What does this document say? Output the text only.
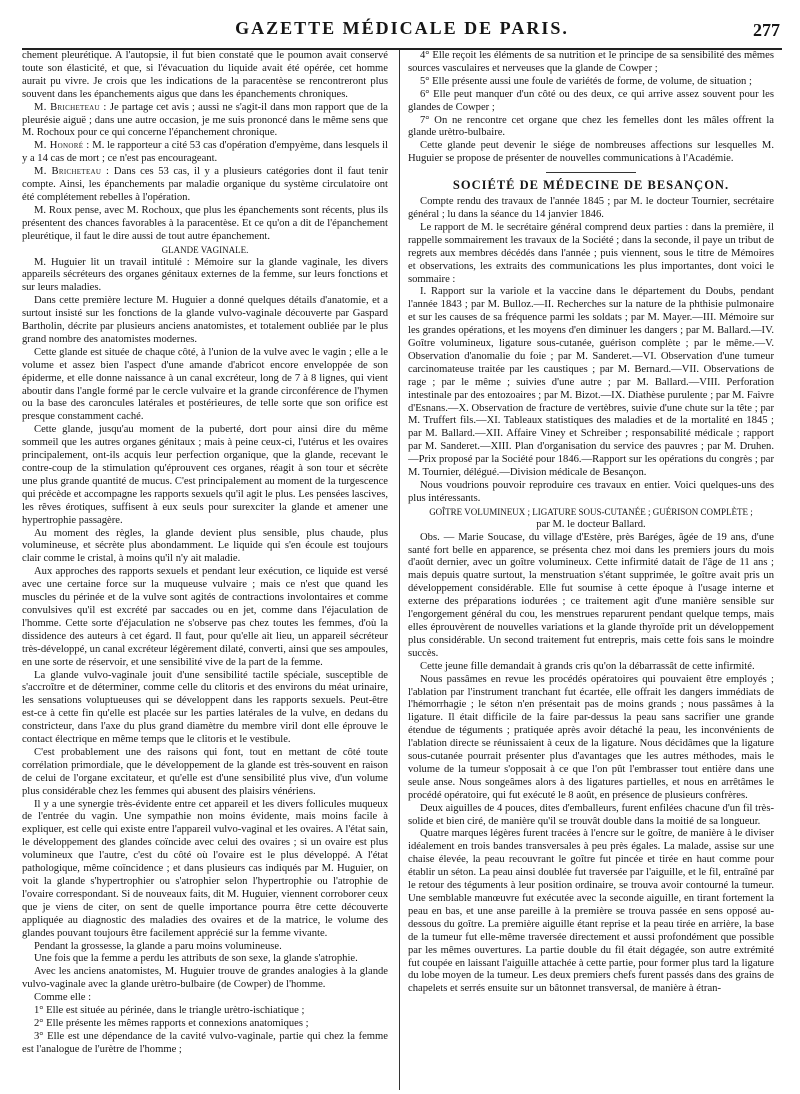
GAZETTE MÉDICALE DE PARIS.	277

chement pleurétique. A l'autopsie, il fut bien constaté que le poumon avait conservé toute son élasticité, et que, si l'évacuation du liquide avait été opérée, cet homme aurait pu vivre. Je crois que les indications de la paracentèse se rencontreront plus souvent dans les épanchements aigus que dans les épanchements chroniques.

M. Bricheteau : Je partage cet avis ; aussi ne s'agit-il dans mon rapport que de la pleurésie aiguë ; dans une autre occasion, je me suis prononcé dans le même sens que M. Rochoux pour ce qui concerne l'épanchement chronique.

M. Honoré : M. le rapporteur a cité 53 cas d'opération d'empyème, dans lesquels il y a 14 cas de mort ; ce n'est pas encourageant.

M. Bricheteau : Dans ces 53 cas, il y a plusieurs catégories dont il faut tenir compte. Ainsi, les épanchements par maladie organique du système circulatoire ont été complétement rebelles à l'opération.

M. Roux pense, avec M. Rochoux, que plus les épanchements sont récents, plus ils présentent des chances favorables à la paracentèse. Et ce qu'on a dit de l'épanchement pleurétique, il faut le dire aussi de tout autre épanchement.

GLANDE VAGINALE.

M. Huguier lit un travail intitulé : Mémoire sur la glande vaginale, les divers appareils sécréteurs des organes génitaux externes de la femme, sur leurs fonctions et sur leurs maladies.

Dans cette première lecture M. Huguier a donné quelques détails d'anatomie, et a surtout insisté sur les fonctions de la glande vulvo-vaginale découverte par Gaspard Bartholin, décrite par plusieurs anciens anatomistes, et totalement oubliée par le plus grand nombre des anatomistes modernes.

Cette glande est située de chaque côté, à l'union de la vulve avec le vagin ; elle a le volume et assez bien l'aspect d'une amande d'abricot encore enveloppée de son épiderme, et elle donne naissance à un canal excréteur, long de 7 à 8 lignes, qui vient aboutir dans l'angle formé par le cercle vulvaire et la grande circonférence de l'hymen ou la base des caroncules latérales et postérieures, de telle sorte que son orifice est presque constamment caché.

Cette glande, jusqu'au moment de la puberté, dort pour ainsi dire du même sommeil que les autres organes génitaux ; mais à peine ceux-ci, l'utérus et les ovaires principalement, ont-ils acquis leur perfection organique, que la glande, recevant le contre-coup de la stimulation qu'éprouvent ces organes, réagit à son tour et sécrète une plus grande quantité de mucus. C'est principalement au moment de la turgescence qui précède et accompagne les rapports sexuels qu'il agit le plus. Les pensées lascives, les rêves érotiques, suffisent à eux seuls pour surexciter la glande et amener une hypertrophie passagère.

Au moment des règles, la glande devient plus sensible, plus chaude, plus volumineuse, et sécrète plus abondamment. Le liquide qui s'en écoule est toujours clair comme le cristal, à moins qu'il n'y ait maladie.

Aux approches des rapports sexuels et pendant leur exécution, ce liquide est versé avec une certaine force sur la muqueuse vulvaire ; mais ce n'est que quand les muscles du périnée et de la vulve sont agités de contractions involontaires et comme convulsives qu'il est excrété par saccades ou en jet, comme dans l'éjaculation de l'homme. Cette sorte d'éjaculation ne s'observe pas chez toutes les femmes, d'où la dissidence des auteurs à cet égard. Il faut, pour qu'elle ait lieu, un appareil sécréteur très-développé, un canal excréteur légèrement dilaté, converti, ainsi que ses ampoules, en une sorte de réservoir, et une sensibilité vive de la part de la femme.

La glande vulvo-vaginale jouit d'une sensibilité tactile spéciale, susceptible de s'accroître et de déterminer, comme celle du clitoris et des environs du méat urinaire, les sensations voluptueuses qui se développent dans les rapports sexuels. Peut-être est-ce à cette fin qu'elle est placée sur les parties latérales de la vulve, en dedans du constricteur, dans l'axe du plus grand diamètre du membre viril dont elle éprouve le contact électrique en même temps que le clitoris et le vestibule.

C'est probablement une des raisons qui font, tout en mettant de côté toute corrélation primordiale, que le développement de la glande est très-souvent en raison de celui de l'organe excitateur, et qu'elle est d'une sensibilité plus vive, d'un volume plus considérable chez les femmes qui abusent des plaisirs vénériens.

Il y a une synergie très-évidente entre cet appareil et les divers follicules muqueux de l'entrée du vagin. Une sympathie non moins évidente, mais moins facile à expliquer, est celle qui existe entre l'appareil vulvo-vaginal et les ovaires. A l'état sain, le développement des glandes coïncide avec celui des ovaires ; si un ovaire est plus volumineux que l'autre, c'est du côté où l'ovaire est le plus développé. A l'état pathologique, même coïncidence ; et dans plusieurs cas indiqués par M. Huguier, on voit la glande s'hypertrophier ou s'atrophier selon l'hypertrophie ou l'atrophie de l'ovaire correspondant. Si de nouveaux faits, dit M. Huguier, viennent corroborer ceux que je viens de citer, on sent de quelle importance pourra être cette découverte appliquée au diagnostic des maladies des ovaires et de la matrice, le volume des glandes pouvant toujours être facilement apprécié sur la femme vivante.

Pendant la grossesse, la glande a paru moins volumineuse.

Une fois que la femme a perdu les attributs de son sexe, la glande s'atrophie.

Avec les anciens anatomistes, M. Huguier trouve de grandes analogies à la glande vulvo-vaginale avec la glande urètro-bulbaire (de Cowper) de l'homme.

Comme elle :

1° Elle est située au périnée, dans le triangle urètro-ischiatique ;

2° Elle présente les mêmes rapports et connexions anatomiques ;

3° Elle est une dépendance de la cavité vulvo-vaginale, partie qui chez la femme est l'analogue de l'urètre de l'homme ;

4° Elle reçoit les éléments de sa nutrition et le principe de sa sensibilité des mêmes sources vasculaires et nerveuses que la glande de Cowper ;

5° Elle présente aussi une foule de variétés de forme, de volume, de situation ;

6° Elle peut manquer d'un côté ou des deux, ce qui arrive assez souvent pour les glandes de Cowper ;

7° On ne rencontre cet organe que chez les femelles dont les mâles offrent la glande urètro-bulbaire.

Cette glande peut devenir le siége de nombreuses affections sur lesquelles M. Huguier se propose de présenter de nouvelles communications à l'Académie.

SOCIÉTÉ DE MÉDECINE DE BESANÇON.

Compte rendu des travaux de l'année 1845 ; par M. le docteur Tournier, secrétaire général ; lu dans la séance du 14 janvier 1846.

Le rapport de M. le secrétaire général comprend deux parties : dans la première, il rappelle sommairement les travaux de la Société ; dans la seconde, il paye un tribut de regrets aux membres décédés dans l'année ; puis viennent, sous le titre de Mémoires et observations, les extraits des communications les plus importantes, dont voici le sommaire :

I. Rapport sur la variole et la vaccine dans le département du Doubs, pendant l'année 1843 ; par M. Bulloz.—II. Recherches sur la nature de la phthisie pulmonaire et sur les causes de sa fréquence parmi les soldats ; par M. Mayer.—III. Mémoire sur les grandes opérations, et les moyens d'en diminuer les dangers ; par M. Ballard.—IV. Goître volumineux, ligature sous-cutanée, guérison complète ; par le même.—V. Observation d'anomalie du foie ; par M. Sanderet.—VI. Observation d'une tumeur carcinomateuse traitée par les caustiques ; par M. Bernard.—VII. Observations de rage ; par le même ; suivies d'une autre ; par M. Ballard.—VIII. Perforation intestinale par des entozoaires ; par M. Bizot.—IX. Diathèse purulente ; par M. Faivre d'Esnans.—X. Observation de fracture de vertèbres, suivie d'une chute sur la tête ; par M. Truffert fils.—XI. Tableaux statistiques des maladies et de la mortalité en 1845 ; par M. Ballard.—XII. Affaire Viney et Schreiber ; responsabilité médicale ; rapport par M. Sanderet.—XIII. Plan d'organisation du service des pauvres ; par M. Druhen.—Prix proposé par la Société pour 1846.—Rapport sur les opérations du congrès ; par M. Tournier, délégué.—Division médicale de Besançon.

Nous voudrions pouvoir reproduire ces travaux en entier. Voici quelques-uns des plus intéressants.

GOÎTRE VOLUMINEUX ; LIGATURE SOUS-CUTANÉE ; GUÉRISON COMPLÈTE ;

par M. le docteur Ballard.

Obs. — Marie Soucase, du village d'Estère, près Baréges, âgée de 19 ans, d'une santé fort belle en apparence, se présenta chez moi dans les premiers jours du mois d'août dernier, avec un goître volumineux. Cette infirmité datait de l'âge de 11 ans ; mais depuis quatre surtout, la menstruation s'étant supprimée, le goître avait pris un développement considérable. Elle fut soumise à cette époque à l'usage interne et externe des préparations iodurées ; ce traitement agit d'une manière sensible sur l'engorgement général du cou, les menstrues reparurent pendant quelque temps, mais elles éprouvèrent de nouvelles variations et la glande thyroïde prit un développement plus considérable. Un second traitement fut entrepris, mais cette fois sans le moindre succès.

Cette jeune fille demandait à grands cris qu'on la débarrassât de cette infirmité.

Nous passâmes en revue les procédés opératoires qui pouvaient être employés ; l'ablation par l'instrument tranchant fut écartée, elle offrait les dangers immédiats de l'hémorrhagie ; le séton n'en présentait pas de moins grands ; nous passâmes à la ligature. Il était difficile de la faire par-dessus la peau sans sacrifier une grande étendue de téguments ; pratiquée après avoir détaché la peau, les inconvénients de l'ablation directe se réunissaient à ceux de la ligature. Nous décidâmes que la ligature sous-cutanée pourrait présenter plus d'avantages que les autres méthodes, mais le volume de la tumeur s'opposait à ce que l'on pût l'embrasser tout entière dans une seule anse. Nous songeâmes alors à des ligatures partielles, et nous en arrêtâmes le procédé opératoire, qui fut exécuté le 8 août, en présence de plusieurs confrères.

Deux aiguilles de 4 pouces, dites d'emballeurs, furent enfilées chacune d'un fil très-solide et bien ciré, de manière qu'il se trouvât double dans la moitié de sa longueur.

Quatre marques légères furent tracées à l'encre sur le goître, de manière à le diviser idéalement en trois bandes transversales à peu près égales. La malade, assise sur une chaise élevée, la peau recouvrant le goître fut pincée et tirée en haut comme pour établir un séton. La peau ainsi doublée fut traversée par l'aiguille, et le fil, entraîné par le retour des téguments à leur position ordinaire, se trouva avoir contourné la tumeur. Une semblable manœuvre fut exécutée avec la seconde aiguille, en tirant fortement la peau en bas, et une anse pareille à la première se trouva passée en sens opposé au-dessous du goître. La première aiguille étant reprise et la peau tirée en arrière, la base de la tumeur fut elle-même traversée directement et aussi profondément que possible par les mêmes ouvertures. La partie double du fil était dégagée, son autre extrémité fut coupée en laissant l'aiguille attachée à cette partie, pour former plus tard la ligature du lobe moyen de la tumeur. Les deux premiers chefs furent passés dans des grains de chapelets et serrés ensuite sur un bâtonnet transversal, de manière à étran-
